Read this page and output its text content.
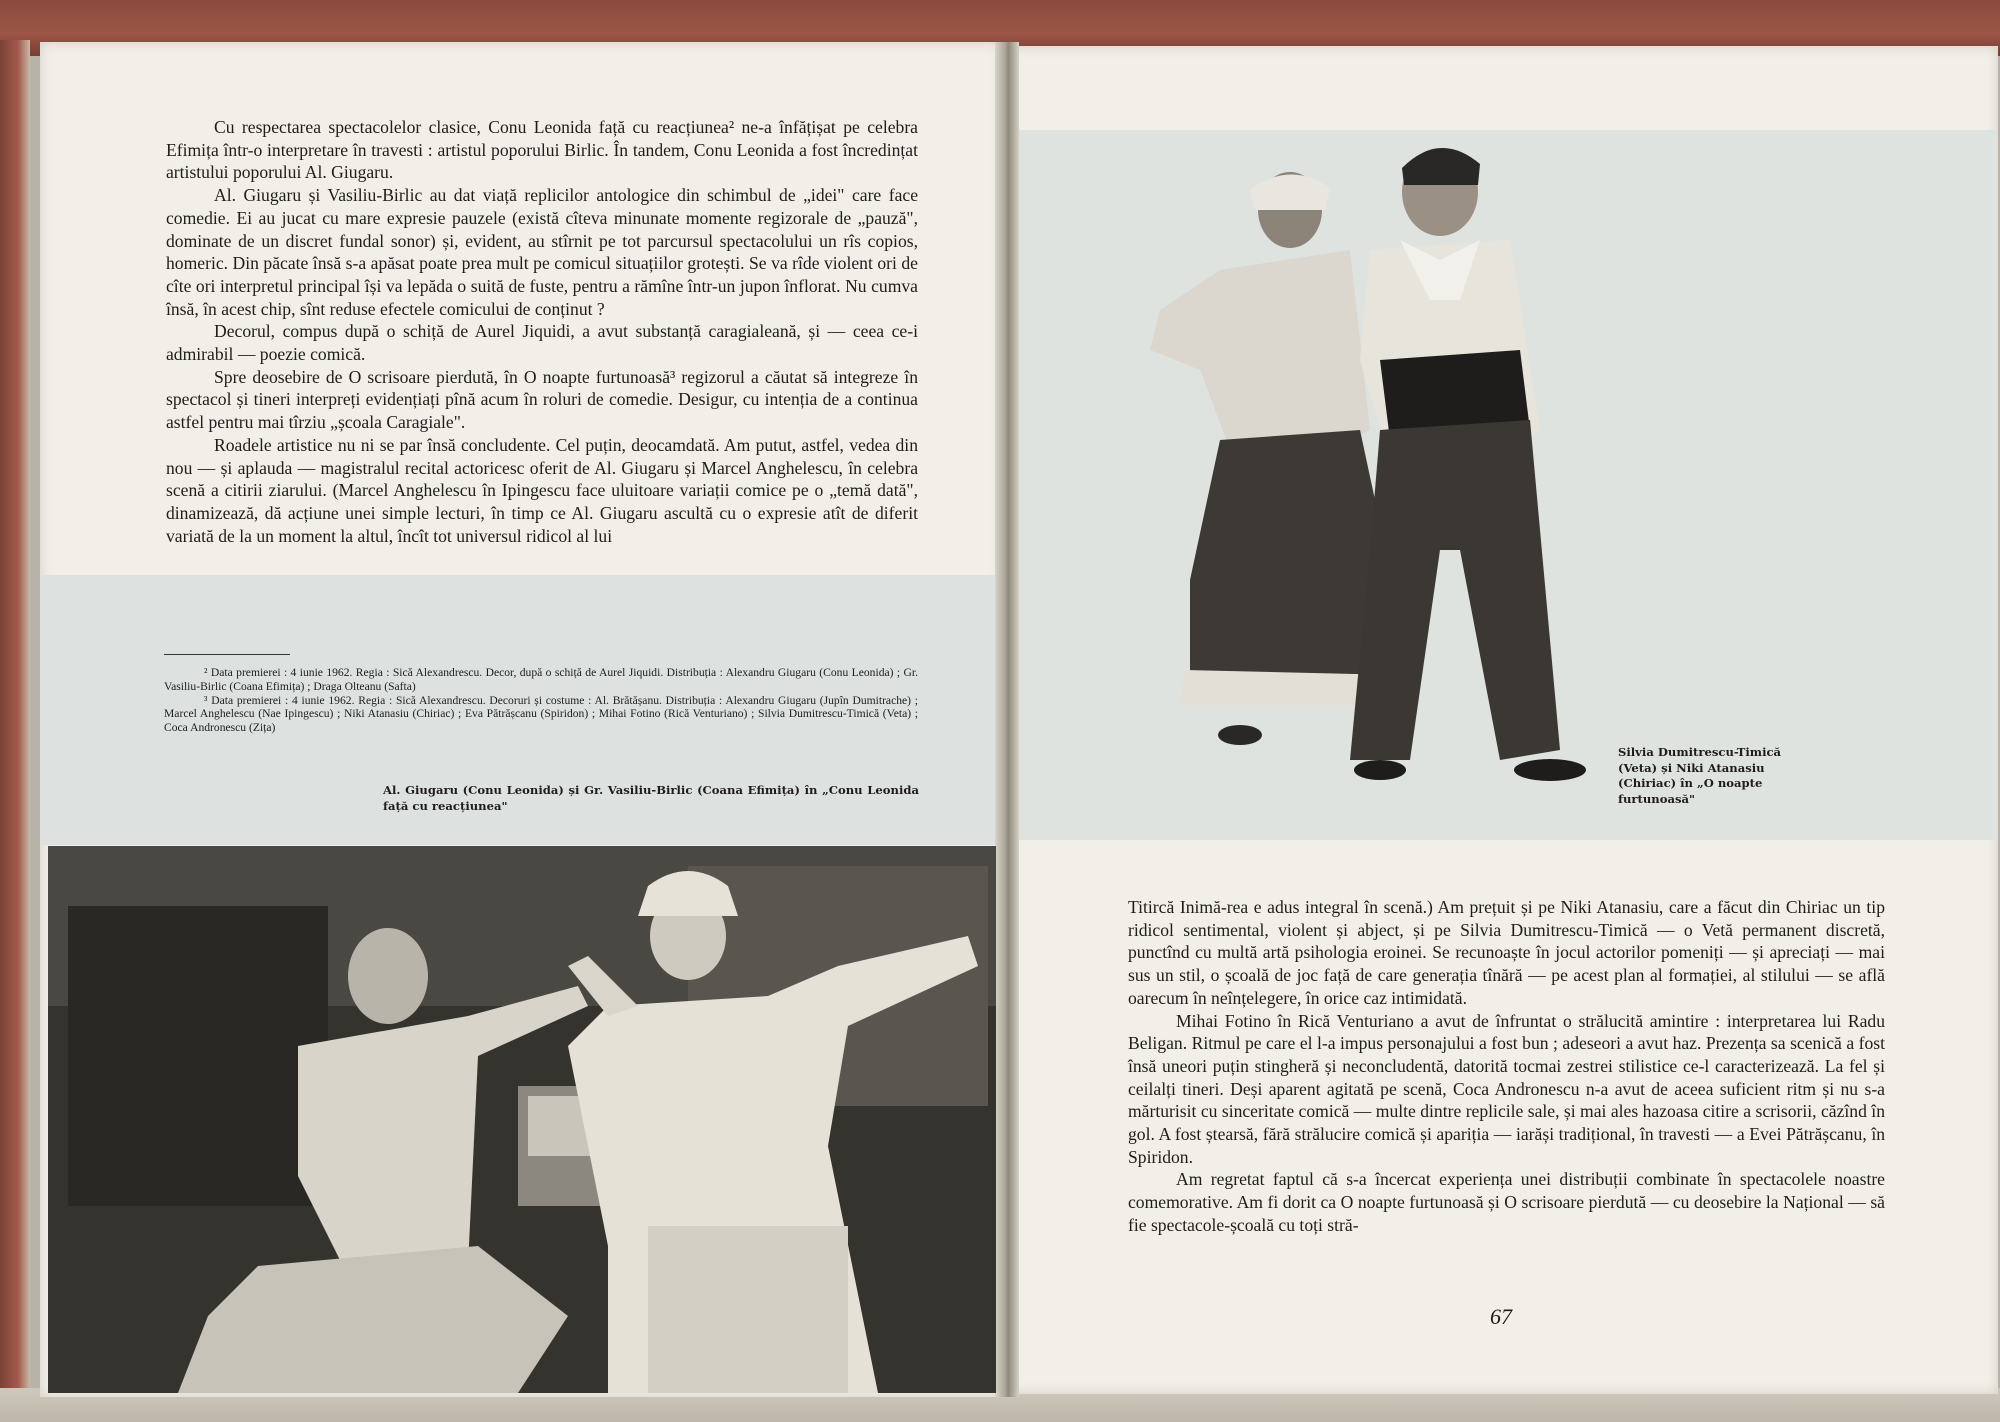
Cu respectarea spectacolelor clasice, Conu Leonida față cu reacțiunea² ne-a înfățișat pe celebra Efimița într-o interpretare în travesti : artistul poporului Birlic. În tandem, Conu Leonida a fost încredințat artistului poporului Al. Giugaru.

Al. Giugaru și Vasiliu-Birlic au dat viață replicilor antologice din schimbul de „idei" care face comedie. Ei au jucat cu mare expresie pauzele (există cîteva minunate momente regizorale de „pauză", dominate de un discret fundal sonor) și, evident, au stîrnit pe tot parcursul spectacolului un rîs copios, homeric. Din păcate însă s-a apăsat poate prea mult pe comicul situațiilor grotești. Se va rîde violent ori de cîte ori interpretul principal își va lepăda o suită de fuste, pentru a rămîne într-un jupon înflorat. Nu cumva însă, în acest chip, sînt reduse efectele comicului de conținut ?

Decorul, compus după o schiță de Aurel Jiquidi, a avut substanță caragialeană, și — ceea ce-i admirabil — poezie comică.

Spre deosebire de O scrisoare pierdută, în O noapte furtunoasă³ regizorul a căutat să integreze în spectacol și tineri interpreți evidențiați pînă acum în roluri de comedie. Desigur, cu intenția de a continua astfel pentru mai tîrziu „școala Caragiale".

Roadele artistice nu ni se par însă concludente. Cel puțin, deocamdată. Am putut, astfel, vedea din nou — și aplauda — magistralul recital actoricesc oferit de Al. Giugaru și Marcel Anghelescu, în celebra scenă a citirii ziarului. (Marcel Anghelescu în Ipingescu face uluitoare variații comice pe o „temă dată", dinamizează, dă acțiune unei simple lecturi, în timp ce Al. Giugaru ascultă cu o expresie atît de diferit variată de la un moment la altul, încît tot universul ridicol al lui

² Data premierei : 4 iunie 1962. Regia : Sică Alexandrescu. Decor, după o schiță de Aurel Jiquidi. Distribuția : Alexandru Giugaru (Conu Leonida) ; Gr. Vasiliu-Birlic (Coana Efimița) ; Draga Olteanu (Safta)

³ Data premierei : 4 iunie 1962. Regia : Sică Alexandrescu. Decoruri și costume : Al. Brătășanu. Distribuția : Alexandru Giugaru (Jupîn Dumitrache) ; Marcel Anghelescu (Nae Ipingescu) ; Niki Atanasiu (Chiriac) ; Eva Pătrășcanu (Spiridon) ; Mihai Fotino (Rică Venturiano) ; Silvia Dumitrescu-Timică (Veta) ; Coca Andronescu (Zița)

Al. Giugaru (Conu Leonida) și Gr. Vasiliu-Birlic (Coana Efimița) în „Conu Leonida față cu reacțiunea"
Silvia Dumitrescu-Timică (Veta) și Niki Atanasiu (Chiriac) în „O noapte furtunoasă"

Titircă Inimă-rea e adus integral în scenă.) Am prețuit și pe Niki Atanasiu, care a făcut din Chiriac un tip ridicol sentimental, violent și abject, și pe Silvia Dumitrescu-Timică — o Vetă permanent discretă, punctînd cu multă artă psihologia eroinei. Se recunoaște în jocul actorilor pomeniți — și apreciați — mai sus un stil, o școală de joc față de care generația tînără — pe acest plan al formației, al stilului — se află oarecum în neînțelegere, în orice caz intimidată.

Mihai Fotino în Rică Venturiano a avut de înfruntat o strălucită amintire : interpretarea lui Radu Beligan. Ritmul pe care el l-a impus personajului a fost bun ; adeseori a avut haz. Prezența sa scenică a fost însă uneori puțin stingheră și neconcludentă, datorită tocmai zestrei stilistice ce-l caracterizează. La fel și ceilalți tineri. Deși aparent agitată pe scenă, Coca Andronescu n-a avut de aceea suficient ritm și nu s-a mărturisit cu sinceritate comică — multe dintre replicile sale, și mai ales hazoasa citire a scrisorii, căzînd în gol. A fost ștearsă, fără strălucire comică și apariția — iarăși tradițional, în travesti — a Evei Pătrășcanu, în Spiridon.

Am regretat faptul că s-a încercat experiența unei distribuții combinate în spectacolele noastre comemorative. Am fi dorit ca O noapte furtunoasă și O scrisoare pierdută — cu deosebire la Național — să fie spectacole-școală cu toți stră-

67
